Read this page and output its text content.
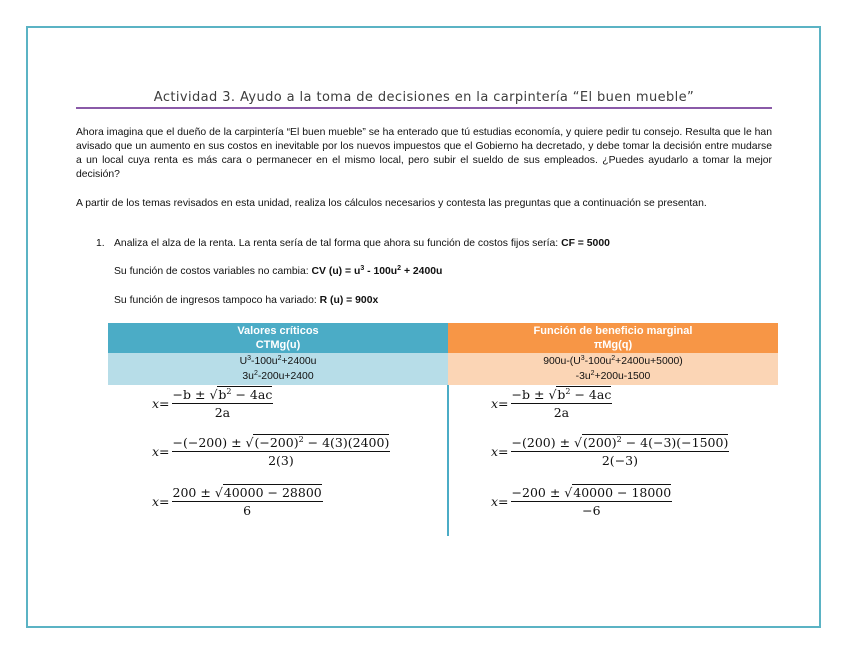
Actividad 3. Ayudo a la toma de decisiones en la carpintería “El buen mueble”

Ahora imagina que el dueño de la carpintería “El buen mueble” se ha enterado que tú estudias economía, y quiere pedir tu consejo. Resulta que le han avisado que un aumento en sus costos en inevitable por los nuevos impuestos que el Gobierno ha decretado, y debe tomar la decisión entre mudarse a un local cuya renta es más cara o permanecer en el mismo local, pero subir el sueldo de sus empleados. ¿Puedes ayudarlo a tomar la mejor decisión?

A partir de los temas revisados en esta unidad, realiza los cálculos necesarios y contesta las preguntas que a continuación se presentan.

1. Analiza el alza de la renta. La renta sería de tal forma que ahora su función de costos fijos sería: CF = 5000
Su función de costos variables no cambia: CV $(u) = u^3 - 100u^2 + 2400u$
Su función de ingresos tampoco ha variado: R (u) = 900x
Valores críticos
CTMg(u)
Función de beneficio marginal
πMg(q)
$U^3-100u^2+2400u$
$3u^2-200u+2400$
$900u-(U^3-100u^2+2400u+5000)$
$-3u^2+200u-1500$
$x= \frac{-b \pm √b^2 - 4ac}{2a}$
$x= \frac{-(-200) \pm √(-200)^2 - 4(3)(2400)}{2(3)}$
$x= \frac{200 \pm √40000 - 28800}{6}$
$x= \frac{-b \pm √b^2 - 4ac}{2a}$
$x= \frac{-(200) \pm √(200)^2 - 4(-3)(-1500)}{2(-3)}$
$x= \frac{-200 \pm √40000 - 18000}{-6}$
